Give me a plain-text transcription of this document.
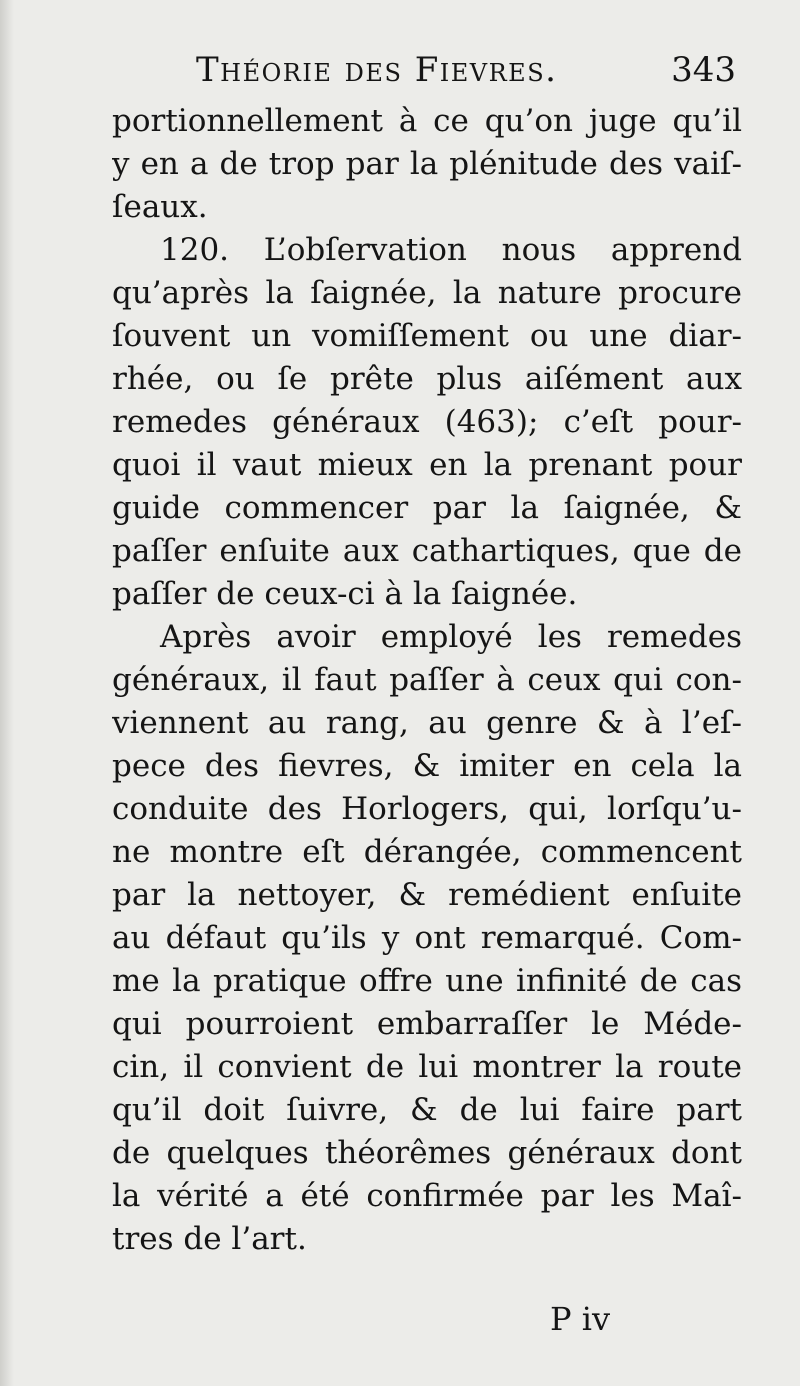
Théorie des Fievres.	343
portionnellement à ce qu’on juge qu’il
y en a de trop par la plénitude des vaiſ-
ſeaux.
120. L’obſervation nous apprend
qu’après la ſaignée, la nature procure
ſouvent un vomiſſement ou une diar-
rhée, ou ſe prête plus aiſément aux
remedes généraux (463); c’eſt pour-
quoi il vaut mieux en la prenant pour
guide commencer par la ſaignée, &
paſſer enſuite aux cathartiques, que de
paſſer de ceux-ci à la ſaignée.
Après avoir employé les remedes
généraux, il faut paſſer à ceux qui con-
viennent au rang, au genre & à l’eſ-
pece des fievres, & imiter en cela la
conduite des Horlogers, qui, lorſqu’u-
ne montre eſt dérangée, commencent
par la nettoyer, & remédient enſuite
au défaut qu’ils y ont remarqué. Com-
me la pratique offre une infinité de cas
qui pourroient embarraſſer le Méde-
cin, il convient de lui montrer la route
qu’il doit ſuivre, & de lui faire part
de quelques théorêmes généraux dont
la vérité a été confirmée par les Maî-
tres de l’art.
P iv
